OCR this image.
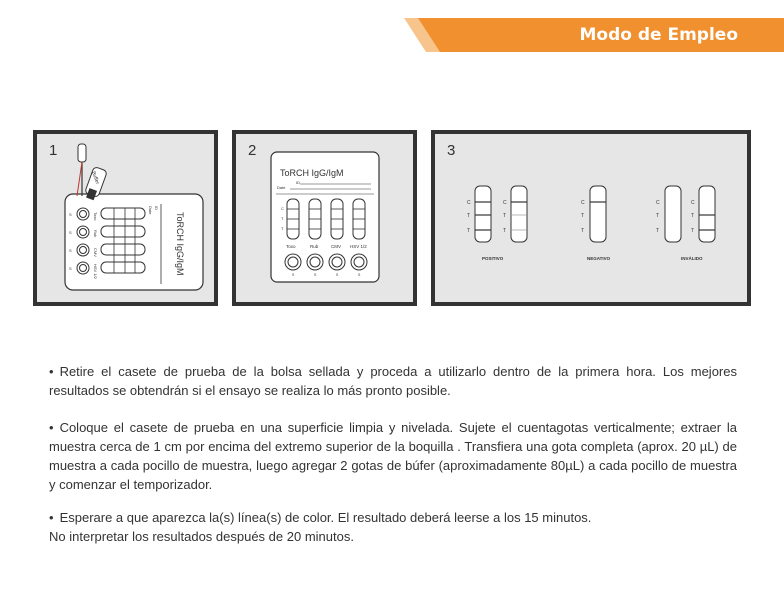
Modo de Empleo
ToRCH IgG/IgM
Date ID
Toxo
Rub
CMV
HSV 1/2
S
S
S
S
Buffer
1
ToRCH IgG/IgM
ID
Date
C
T
T
Toxo	Rub	CMV HSV 1/2
S	S	S	S
2
C
T
T
C
T
T
POSITIVO
C
T
T
NEGATIVO
C
T
T
C
T
T
INVÁLIDO
3
• Retire el casete de prueba de la bolsa sellada y proceda a utilizarlo dentro de la primera hora. Los mejores resultados se obtendrán si el ensayo se realiza lo más pronto posible.
• Coloque el casete de prueba en una superficie limpia y nivelada. Sujete el cuentagotas verticalmente; extraer la muestra cerca de 1 cm por encima del extremo superior de la boquilla . Transfiera una gota completa (aprox. 20 µL) de muestra a cada pocillo de muestra, luego agregar 2 gotas de búfer (aproximadamente 80µL) a cada pocillo de muestra y comenzar el temporizador.
• Esperare a que aparezca la(s) línea(s) de color. El resultado deberá leerse a los 15 minutos.
No interpretar los resultados después de 20 minutos.
